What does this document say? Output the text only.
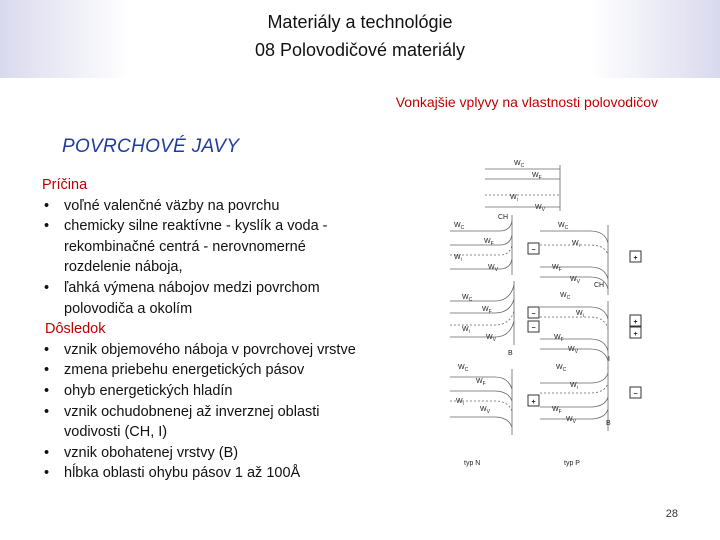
Materiály a technológie
08 Polovodičové materiály
Vonkajšie vplyvy na vlastnosti polovodičov
POVRCHOVÉ JAVY
Príčina
• voľné valenčné väzby na povrchu
• chemicky silne reaktívne - kyslík a voda -
rekombinačné centrá - nerovnomerné
rozdelenie náboja,
• ľahká výmena nábojov medzi povrchom
polovodiča a okolím
Dôsledok
• vznik objemového náboja v povrchovej vrstve
• zmena priebehu energetických pásov
• ohyb energetických hladín
• vznik ochudobnenej až inverznej oblasti
vodivosti (CH, I)
• vznik obohatenej vrstvy (B)
• hĺbka oblasti ohybu pásov 1 až 100Å
$W_C$
$W_F$
$W_i$
$W_V$
$W_C$
CH
$W_F$
$W_i$
$W_V$
$W_C$
$W_F$
$W_i$
$W_V$
B
$W_C$
$W_F$
$W_i$
$W_V$
$W_C$
$W_i$
$W_F$
$W_V$ CH
$W_C$
$W_i$
$W_F$
$W_V$
I
$W_C$
$W_i$
$W_F$
$W_V$	B
−
+
−
−
+
+
+
−
typ N	typ P
28
